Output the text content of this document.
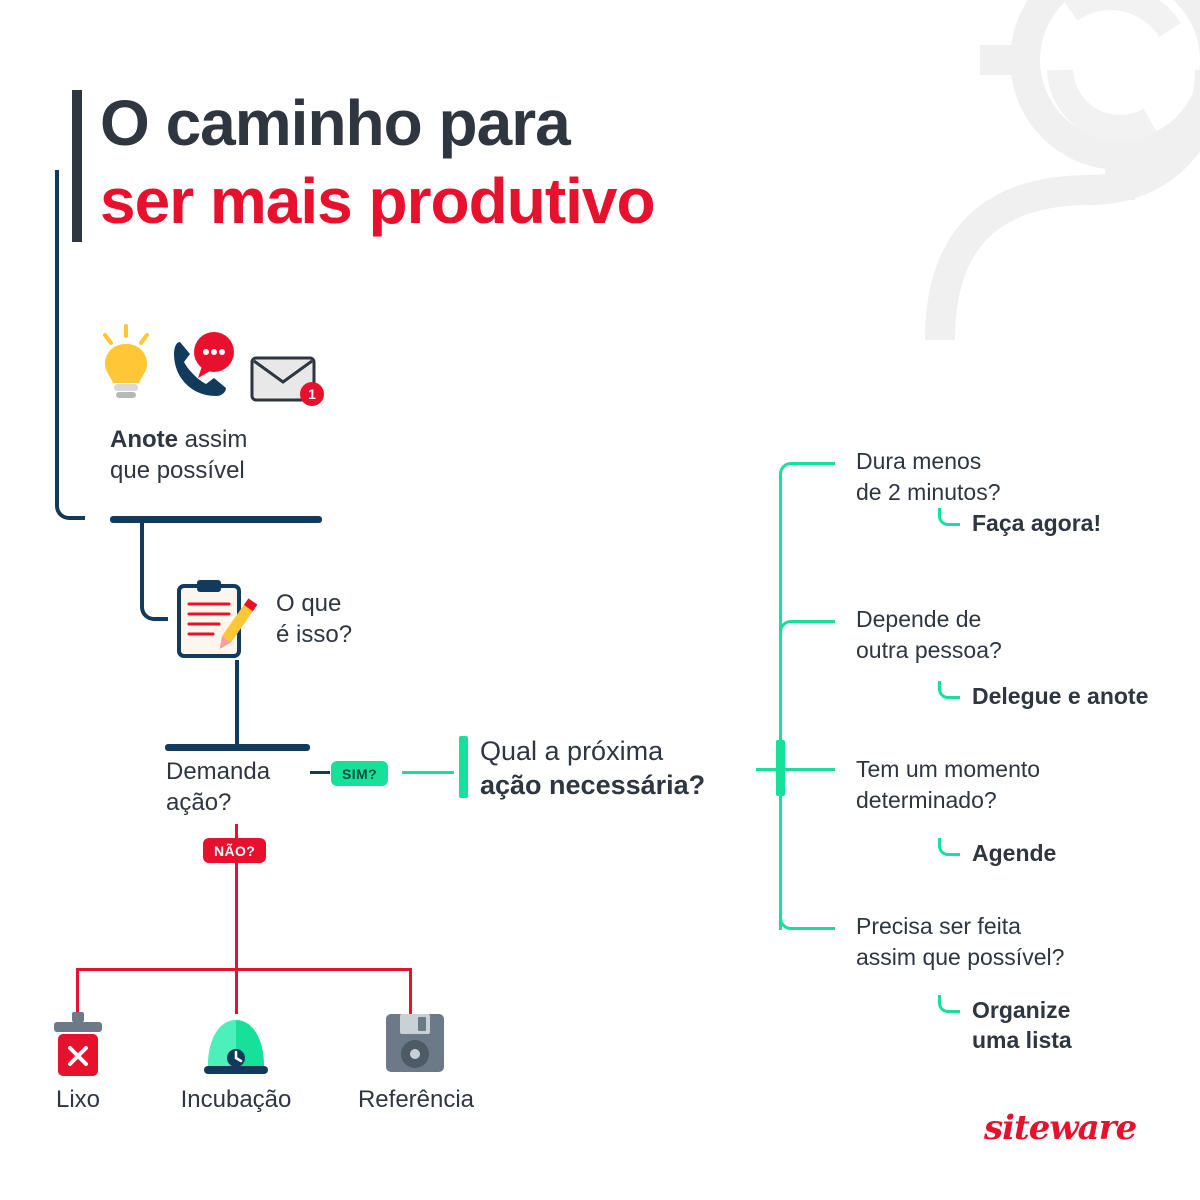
O caminho para
ser mais produtivo
1
Anote assim
que possível
O que
é isso?
Demanda
ação?
SIM?
NÃO?
Qual a próxima
ação necessária?
Dura menos
de 2 minutos?
Faça agora!
Depende de
outra pessoa?
Delegue e anote
Tem um momento
determinado?
Agende
Precisa ser feita
assim que possível?
Organize
uma lista
Lixo	Incubação	Referência
siteware
